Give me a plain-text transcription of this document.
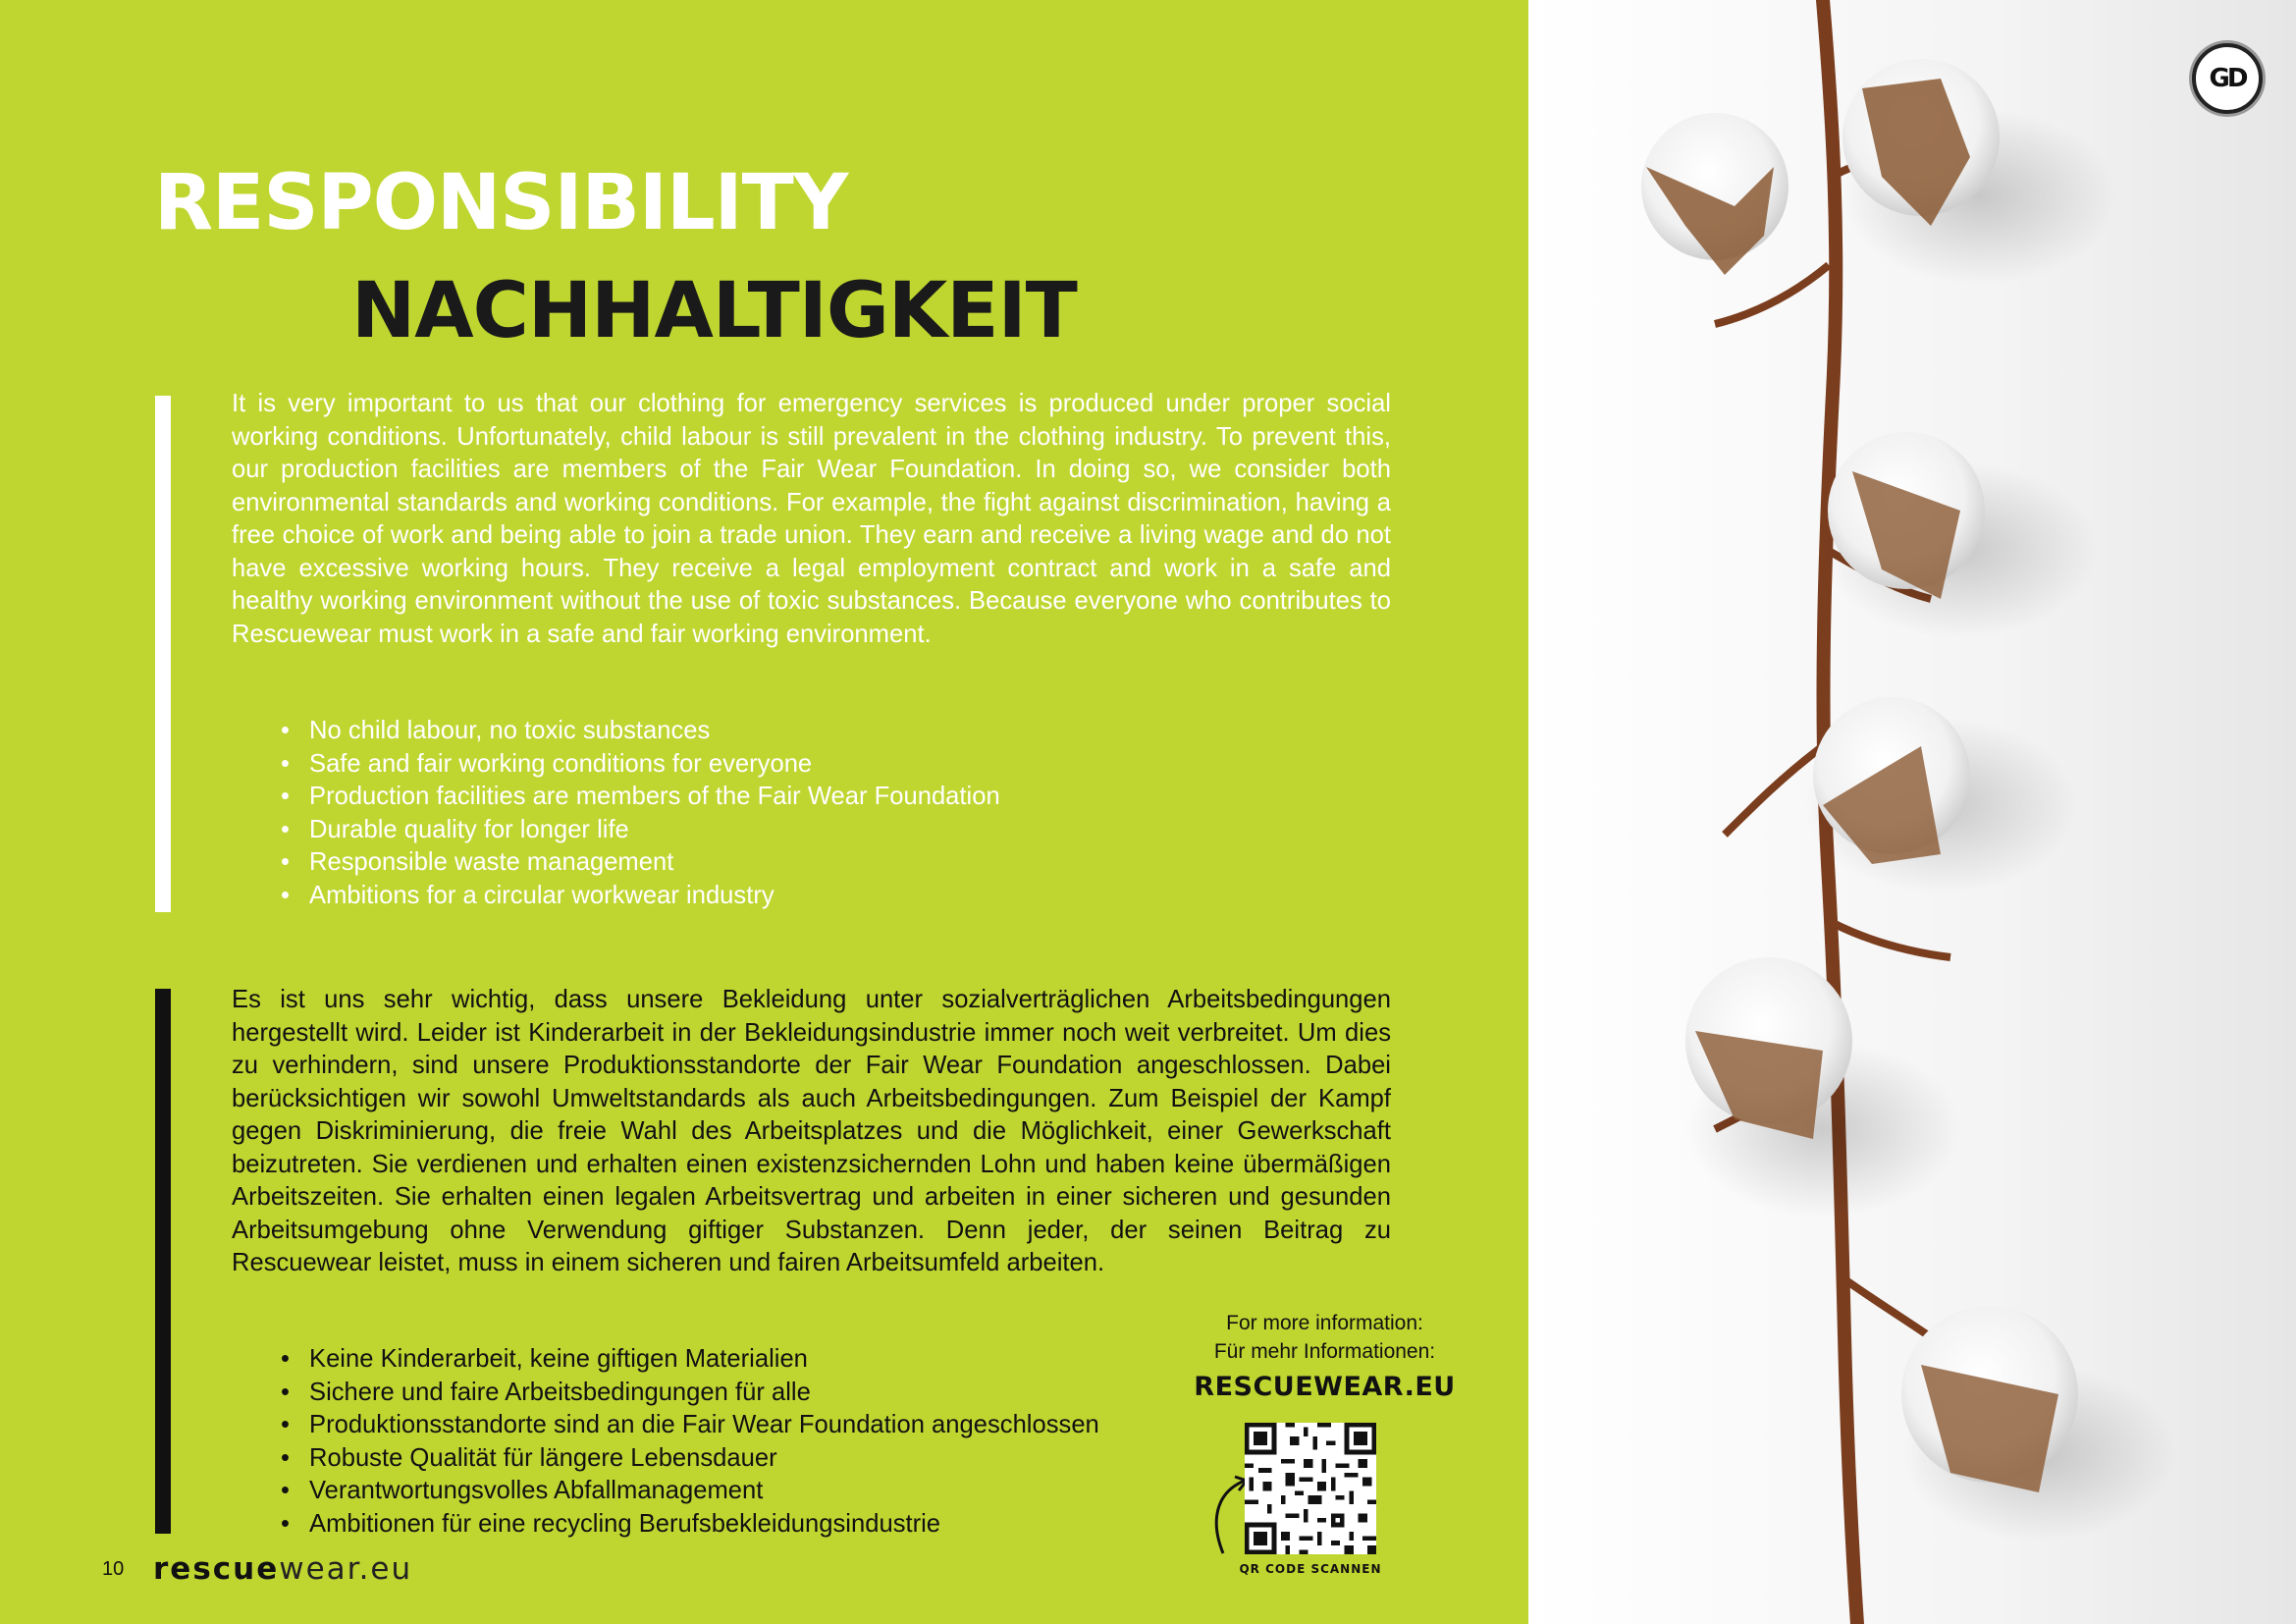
GD
RESPONSIBILITY
NACHHALTIGKEIT

It is very important to us that our clothing for emergency services is produced under proper social working conditions. Unfortunately, child labour is still prevalent in the clothing industry. To prevent this, our production facilities are members of the Fair Wear Foundation. In doing so, we consider both environmental standards and working conditions. For example, the fight against discrimination, having a free choice of work and being able to join a trade union. They earn and receive a living wage and do not have excessive working hours. They receive a legal employment contract and work in a safe and healthy working environment without the use of toxic substances. Because everyone who contributes to Rescuewear must work in a safe and fair working environment.

• No child labour, no toxic substances
• Safe and fair working conditions for everyone
• Production facilities are members of the Fair Wear Foundation
• Durable quality for longer life
• Responsible waste management
• Ambitions for a circular workwear industry

Es ist uns sehr wichtig, dass unsere Bekleidung unter sozialverträglichen Arbeitsbedingungen hergestellt wird. Leider ist Kinderarbeit in der Bekleidungsindustrie immer noch weit verbreitet. Um dies zu verhindern, sind unsere Produktionsstandorte der Fair Wear Foundation angeschlossen. Dabei berücksichtigen wir sowohl Umweltstandards als auch Arbeitsbedingungen. Zum Beispiel der Kampf gegen Diskriminierung, die freie Wahl des Arbeitsplatzes und die Möglichkeit, einer Gewerkschaft beizutreten. Sie verdienen und erhalten einen existenzsichernden Lohn und haben keine übermäßigen Arbeitszeiten. Sie erhalten einen legalen Arbeitsvertrag und arbeiten in einer sicheren und gesunden Arbeitsumgebung ohne Verwendung giftiger Substanzen. Denn jeder, der seinen Beitrag zu Rescuewear leistet, muss in einem sicheren und fairen Arbeitsumfeld arbeiten.

• Keine Kinderarbeit, keine giftigen Materialien
• Sichere und faire Arbeitsbedingungen für alle
• Produktionsstandorte sind an die Fair Wear Foundation angeschlossen
• Robuste Qualität für längere Lebensdauer
• Verantwortungsvolles Abfallmanagement
• Ambitionen für eine recycling Berufsbekleidungsindustrie
For more information:
Für mehr Informationen:
RESCUEWEAR.EU
QR CODE SCANNEN
10 rescuewear.eu
